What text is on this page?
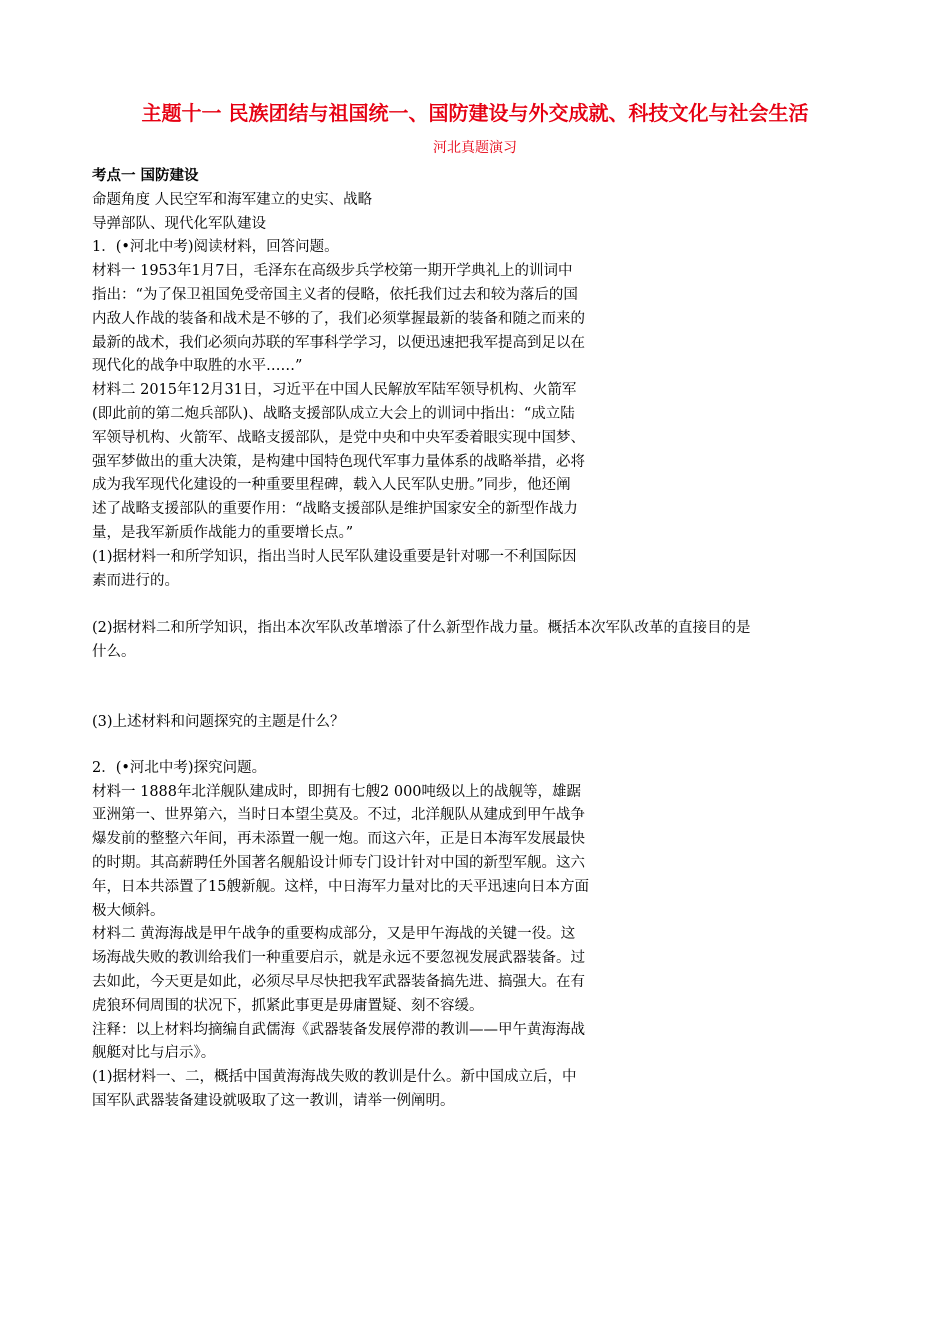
主题十一 民族团结与祖国统一、国防建设与外交成就、科技文化与社会生活
河北真题演习
考点一 国防建设
命题角度 人民空军和海军建立的史实、战略
导弹部队、现代化军队建设
1．(•河北中考)阅读材料，回答问题。
材料一 1953年1月7日，毛泽东在高级步兵学校第一期开学典礼上的训词中
指出：“为了保卫祖国免受帝国主义者的侵略，依托我们过去和较为落后的国
内敌人作战的装备和战术是不够的了，我们必须掌握最新的装备和随之而来的
最新的战术，我们必须向苏联的军事科学学习，以便迅速把我军提高到足以在
现代化的战争中取胜的水平……”
材料二 2015年12月31日，习近平在中国人民解放军陆军领导机构、火箭军
(即此前的第二炮兵部队)、战略支援部队成立大会上的训词中指出：“成立陆
军领导机构、火箭军、战略支援部队，是党中央和中央军委着眼实现中国梦、
强军梦做出的重大决策，是构建中国特色现代军事力量体系的战略举措，必将
成为我军现代化建设的一种重要里程碑，载入人民军队史册。”同步，他还阐
述了战略支援部队的重要作用：“战略支援部队是维护国家安全的新型作战力
量，是我军新质作战能力的重要增长点。”
(1)据材料一和所学知识，指出当时人民军队建设重要是针对哪一不利国际因
素而进行的。
(2)据材料二和所学知识，指出本次军队改革增添了什么新型作战力量。概括本次军队改革的直接目的是
什么。
(3)上述材料和问题探究的主题是什么？
2．(•河北中考)探究问题。
材料一 1888年北洋舰队建成时，即拥有七艘2 000吨级以上的战舰等，雄踞
亚洲第一、世界第六，当时日本望尘莫及。不过，北洋舰队从建成到甲午战争
爆发前的整整六年间，再未添置一舰一炮。而这六年，正是日本海军发展最快
的时期。其高薪聘任外国著名舰船设计师专门设计针对中国的新型军舰。这六
年，日本共添置了15艘新舰。这样，中日海军力量对比的天平迅速向日本方面
极大倾斜。
材料二 黄海海战是甲午战争的重要构成部分，又是甲午海战的关键一役。这
场海战失败的教训给我们一种重要启示，就是永远不要忽视发展武器装备。过
去如此，今天更是如此，必须尽早尽快把我军武器装备搞先进、搞强大。在有
虎狼环伺周围的状况下，抓紧此事更是毋庸置疑、刻不容缓。
注释：以上材料均摘编自武儒海《武器装备发展停滞的教训——甲午黄海海战
舰艇对比与启示》。
(1)据材料一、二，概括中国黄海海战失败的教训是什么。新中国成立后，中
国军队武器装备建设就吸取了这一教训，请举一例阐明。
